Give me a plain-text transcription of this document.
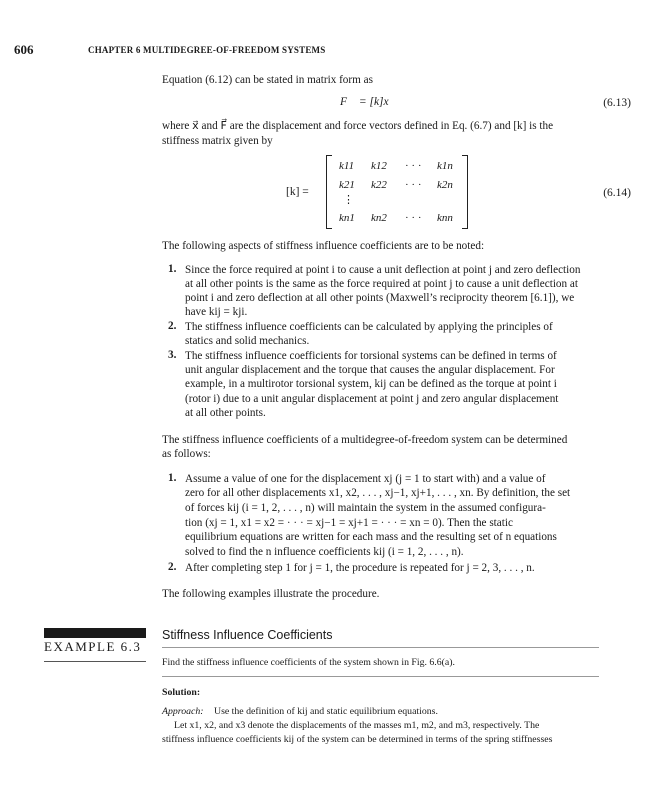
606	CHAPTER 6 MULTIDEGREE-OF-FREEDOM SYSTEMS
Equation (6.12) can be stated in matrix form as
F⃗ = [k]x⃗	(6.13)
where x⃗ and F⃗ are the displacement and force vectors defined in Eq. (6.7) and [k] is the
stiffness matrix given by
[k] =
k11 k12 · · · k1n
k21 k22 · · · k2n
⋮
kn1 kn2 · · · knn
(6.14)
The following aspects of stiffness influence coefficients are to be noted:
1. Since the force required at point i to cause a unit deflection at point j and zero deflection
at all other points is the same as the force required at point j to cause a unit deflection at
point i and zero deflection at all other points (Maxwell’s reciprocity theorem [6.1]), we
have kij = kji.
2. The stiffness influence coefficients can be calculated by applying the principles of
statics and solid mechanics.
3. The stiffness influence coefficients for torsional systems can be defined in terms of
unit angular displacement and the torque that causes the angular displacement. For
example, in a multirotor torsional system, kij can be defined as the torque at point i
(rotor i) due to a unit angular displacement at point j and zero angular displacement
at all other points.
The stiffness influence coefficients of a multidegree-of-freedom system can be determined
as follows:
1. Assume a value of one for the displacement xj (j = 1 to start with) and a value of
zero for all other displacements x1, x2, . . . , xj−1, xj+1, . . . , xn. By definition, the set
of forces kij (i = 1, 2, . . . , n) will maintain the system in the assumed configura-
tion (xj = 1, x1 = x2 = · · · = xj−1 = xj+1 = · · · = xn = 0). Then the static
equilibrium equations are written for each mass and the resulting set of n equations
solved to find the n influence coefficients kij (i = 1, 2, . . . , n).
2. After completing step 1 for j = 1, the procedure is repeated for j = 2, 3, . . . , n.
The following examples illustrate the procedure.
EXAMPLE 6.3
Stiffness Influence Coefficients
Find the stiffness influence coefficients of the system shown in Fig. 6.6(a).
Solution:
Approach: Use the definition of kij and static equilibrium equations.
Let x1, x2, and x3 denote the displacements of the masses m1, m2, and m3, respectively. The
stiffness influence coefficients kij of the system can be determined in terms of the spring stiffnesses
